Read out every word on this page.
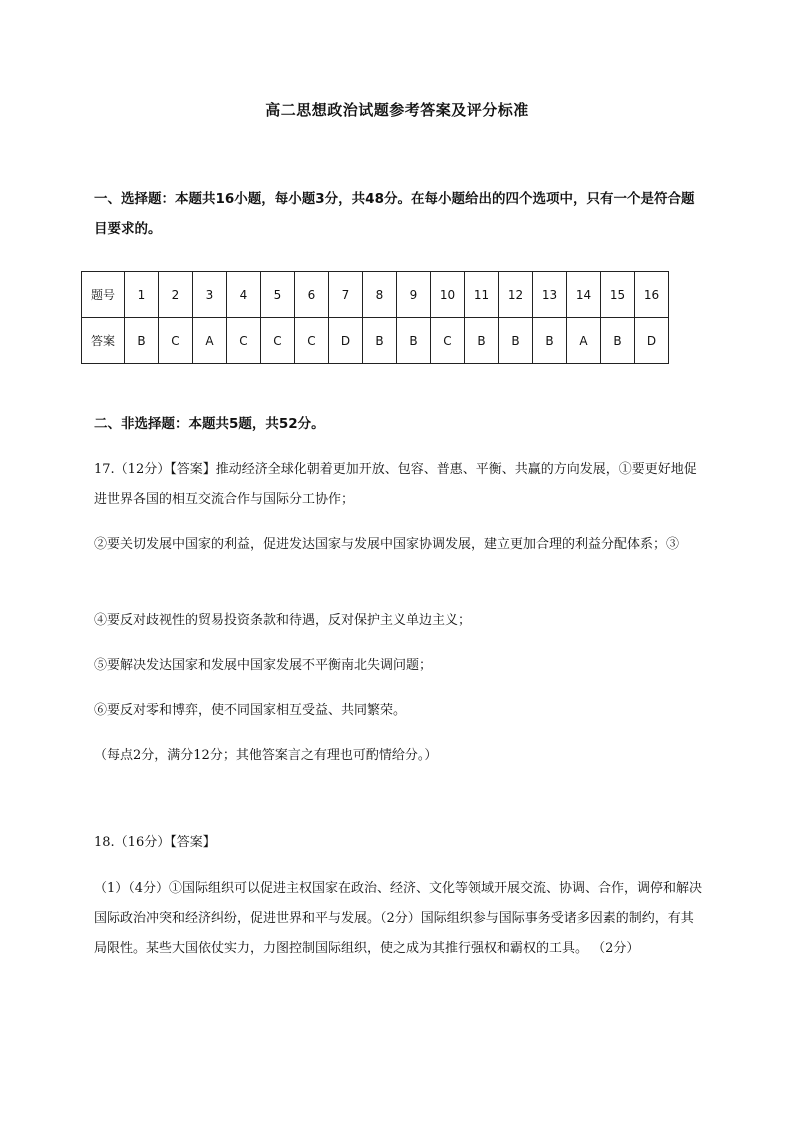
高二思想政治试题参考答案及评分标准
一、选择题：本题共16小题，每小题3分，共48分。在每小题给出的四个选项中，只有一个是符合题目要求的。
题号	1	2	3	4	5	6	7	8	9	10	11	12	13	14	15	16
答案	B	C	A	C	C	C	D	B	B	C	B	B	B	A	B	D
二、非选择题：本题共5题，共52分。
17.（12分）【答案】推动经济全球化朝着更加开放、包容、普惠、平衡、共赢的方向发展，①要更好地促进世界各国的相互交流合作与国际分工协作；
②要关切发展中国家的利益，促进发达国家与发展中国家协调发展，建立更加合理的利益分配体系；③
④要反对歧视性的贸易投资条款和待遇，反对保护主义单边主义；
⑤要解决发达国家和发展中国家发展不平衡南北失调问题；
⑥要反对零和博弈，使不同国家相互受益、共同繁荣。
（每点2分，满分12分；其他答案言之有理也可酌情给分。）
18.（16分）【答案】
（1）（4分）①国际组织可以促进主权国家在政治、经济、文化等领域开展交流、协调、合作，调停和解决国际政治冲突和经济纠纷，促进世界和平与发展。（2分）国际组织参与国际事务受诸多因素的制约，有其局限性。某些大国依仗实力，力图控制国际组织，使之成为其推行强权和霸权的工具。 （2分）
